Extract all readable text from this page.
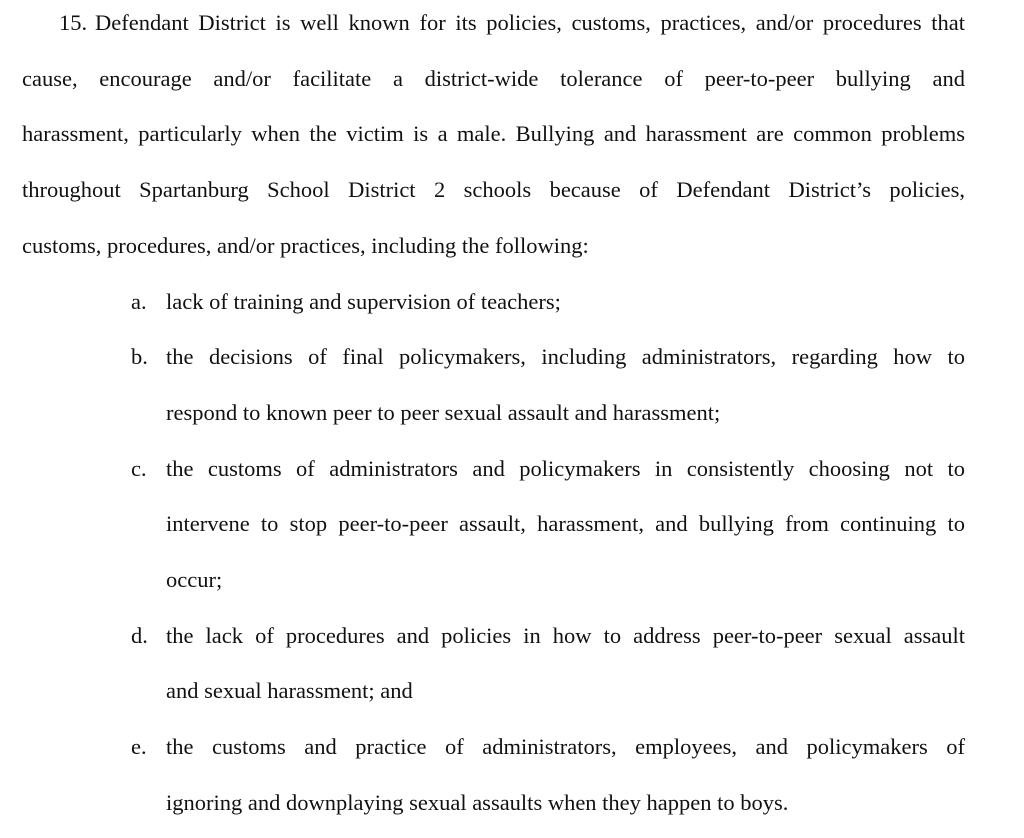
15. Defendant District is well known for its policies, customs, practices, and/or procedures that
cause, encourage and/or facilitate a district-wide tolerance of peer-to-peer bullying and
harassment, particularly when the victim is a male. Bullying and harassment are common problems
throughout Spartanburg School District 2 schools because of Defendant District’s policies,
customs, procedures, and/or practices, including the following:
a. lack of training and supervision of teachers;
b. the decisions of final policymakers, including administrators, regarding how to
respond to known peer to peer sexual assault and harassment;
c. the customs of administrators and policymakers in consistently choosing not to
intervene to stop peer-to-peer assault, harassment, and bullying from continuing to
occur;
d. the lack of procedures and policies in how to address peer-to-peer sexual assault
and sexual harassment; and
e. the customs and practice of administrators, employees, and policymakers of
ignoring and downplaying sexual assaults when they happen to boys.
